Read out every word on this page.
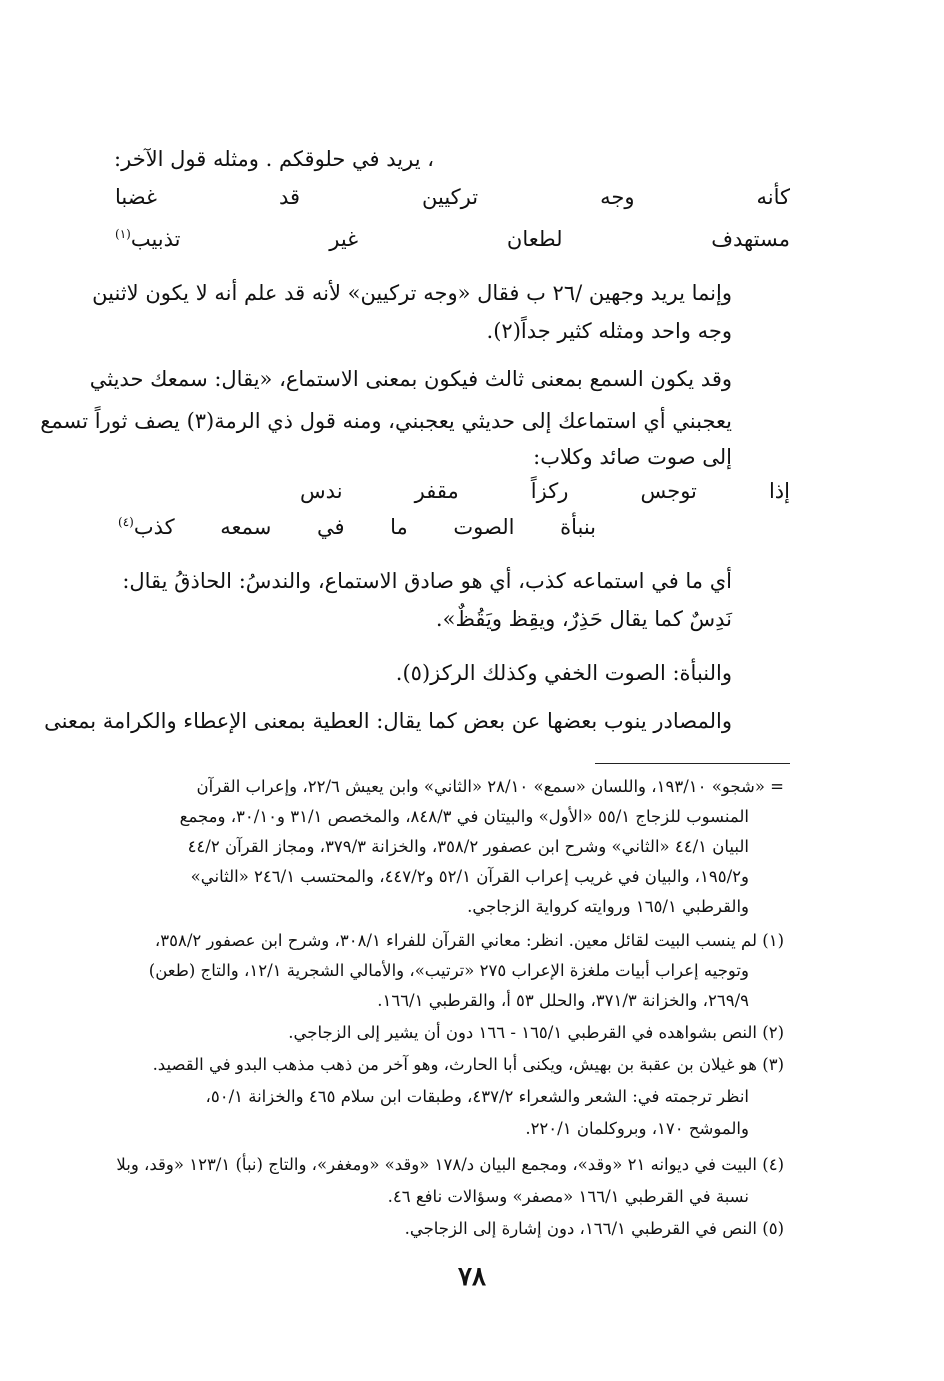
، يريد في حلوقكم . ومثله قول الآخر:
كأنه
وجه
تركيين
قد
غضبا
مستهدف
لطعان
غير
تذبيب$^{(١)}$
وإنما يريد وجهين /٢٦ ب فقال «وجه تركيين» لأنه قد علم أنه لا يكون لاثنين
وجه واحد ومثله كثير جداً(٢).
وقد يكون السمع بمعنى ثالث فيكون بمعنى الاستماع، «يقال: سمعك حديثي
يعجبني أي استماعك إلى حديثي يعجبني، ومنه قول ذي الرمة(٣) يصف ثوراً تسمع
إلى صوت صائد وكلاب:
إذا
توجس
ركزاً
مقفر
ندس
بنبأة
الصوت
ما
في
سمعه
كذب$^{(٤)}$
أي ما في استماعه كذب، أي هو صادق الاستماع، والندسُ: الحاذقُ يقال:
نَدِسٌ كما يقال حَذِرٌ، ويقِظ ويَقُظٌ».
والنبأة: الصوت الخفي وكذلك الركز(٥).
والمصادر ينوب بعضها عن بعض كما يقال: العطية بمعنى الإعطاء والكرامة بمعنى
= «شجو» ١٩٣/١٠، واللسان «سمع» ٢٨/١٠ «الثاني» وابن يعيش ٢٢/٦، وإعراب القرآن
المنسوب للزجاج ٥٥/١ «الأول» والبيتان في ٨٤٨/٣، والمخصص ٣١/١ و٣٠/١٠، ومجمع
البيان ٤٤/١ «الثاني» وشرح ابن عصفور ٣٥٨/٢، والخزانة ٣٧٩/٣، ومجاز القرآن ٤٤/٢
و١٩٥/٢، والبيان في غريب إعراب القرآن ٥٢/١ و٤٤٧/٢، والمحتسب ٢٤٦/١ «الثاني»
والقرطبي ١٦٥/١ وروايته كرواية الزجاجي.
(١) لم ينسب البيت لقائل معين. انظر: معاني القرآن للفراء ٣٠٨/١، وشرح ابن عصفور ٣٥٨/٢،
وتوجيه إعراب أبيات ملغزة الإعراب ٢٧٥ «ترتيب»، والأمالي الشجرية ١٢/١، والتاج (طعن)
٢٦٩/٩، والخزانة ٣٧١/٣، والحلل ٥٣ أ، والقرطبي ١٦٦/١.
(٢) النص بشواهده في القرطبي ١٦٥/١ - ١٦٦ دون أن يشير إلى الزجاجي.
(٣) هو غيلان بن عقبة بن بهيش، ويكنى أبا الحارث، وهو آخر من ذهب مذهب البدو في القصيد.
انظر ترجمته في: الشعر والشعراء ٤٣٧/٢، وطبقات ابن سلام ٤٦٥ والخزانة ٥٠/١،
والموشح ١٧٠، وبروكلمان ٢٢٠/١.
(٤) البيت في ديوانه ٢١ «وقد»، ومجمع البيان د/١٧٨ «وقد» «ومغفر»، والتاج (نبأ) ١٢٣/١ «وقد، وبلا
نسبة في القرطبي ١٦٦/١ «مصفر» وسؤالات نافع ٤٦.
(٥) النص في القرطبي ١٦٦/١، دون إشارة إلى الزجاجي.
٧٨
